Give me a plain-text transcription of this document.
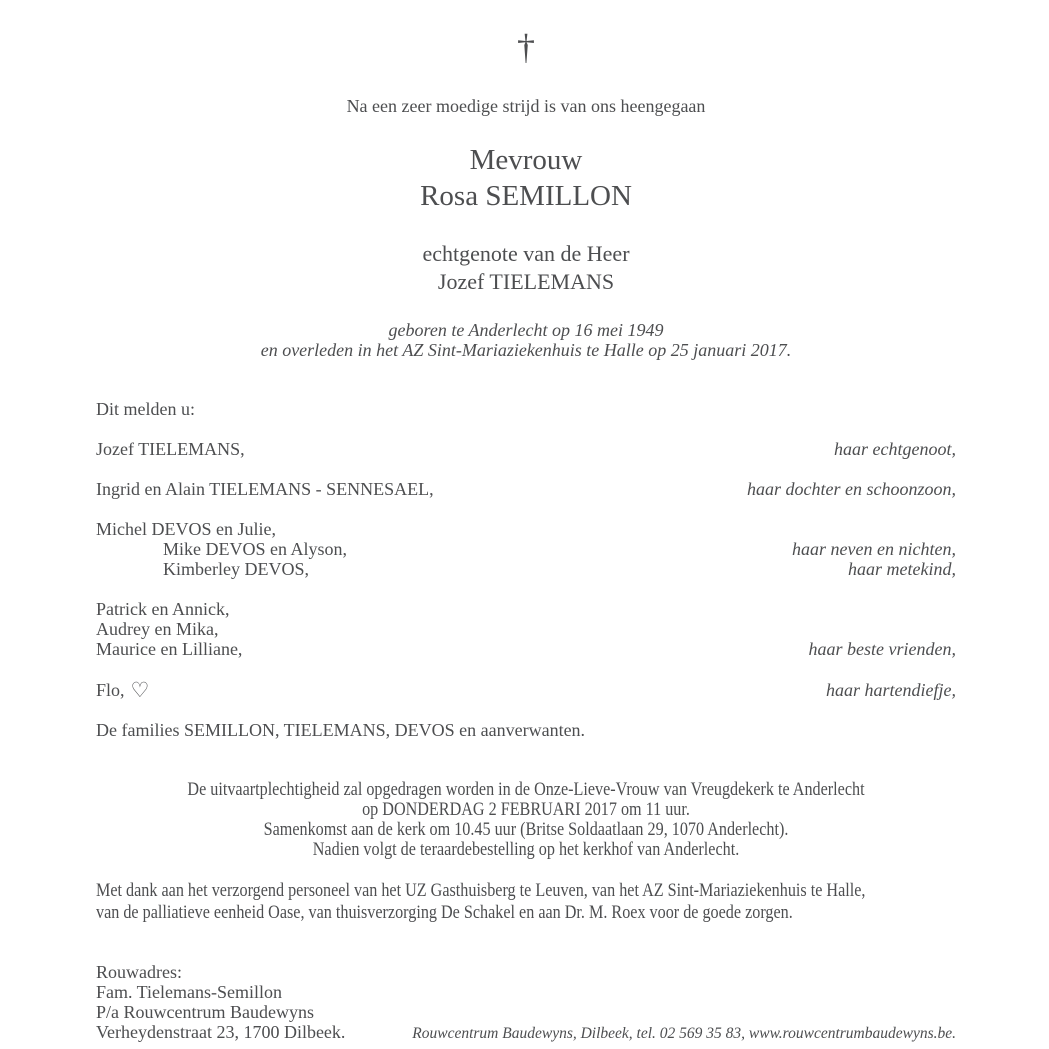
†
Na een zeer moedige strijd is van ons heengegaan
Mevrouw
Rosa SEMILLON
echtgenote van de Heer
Jozef TIELEMANS
geboren te Anderlecht op 16 mei 1949
en overleden in het AZ Sint-Mariaziekenhuis te Halle op 25 januari 2017.
Dit melden u:
Jozef TIELEMANS,	haar echtgenoot,
Ingrid en Alain TIELEMANS - SENNESAEL,	haar dochter en schoonzoon,
Michel DEVOS en Julie,
Mike DEVOS en Alyson,	haar neven en nichten,
Kimberley DEVOS,	haar metekind,
Patrick en Annick,
Audrey en Mika,
Maurice en Lilliane,	haar beste vrienden,
Flo, ♡	haar hartendiefje,
De families SEMILLON, TIELEMANS, DEVOS en aanverwanten.
De uitvaartplechtigheid zal opgedragen worden in de Onze-Lieve-Vrouw van Vreugdekerk te Anderlecht
op DONDERDAG 2 FEBRUARI 2017 om 11 uur.
Samenkomst aan de kerk om 10.45 uur (Britse Soldaatlaan 29, 1070 Anderlecht).
Nadien volgt de teraardebestelling op het kerkhof van Anderlecht.
Met dank aan het verzorgend personeel van het UZ Gasthuisberg te Leuven, van het AZ Sint-Mariaziekenhuis te Halle,
van de palliatieve eenheid Oase, van thuisverzorging De Schakel en aan Dr. M. Roex voor de goede zorgen.
Rouwadres:
Fam. Tielemans-Semillon
P/a Rouwcentrum Baudewyns
Verheydenstraat 23, 1700 Dilbeek.	Rouwcentrum Baudewyns, Dilbeek, tel. 02 569 35 83, www.rouwcentrumbaudewyns.be.
